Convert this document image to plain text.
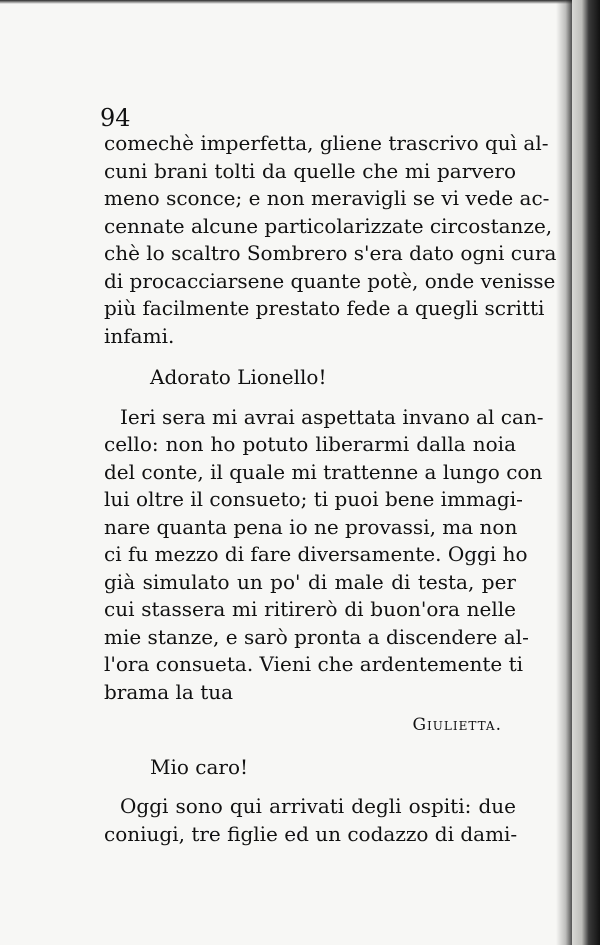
94
comechè imperfetta, gliene trascrivo quì al-
cuni brani tolti da quelle che mi parvero
meno sconce; e non meravigli se vi vede ac-
cennate alcune particolarizzate circostanze,
chè lo scaltro Sombrero s'era dato ogni cura
di procacciarsene quante potè, onde venisse
più facilmente prestato fede a quegli scritti
infami.
Adorato Lionello!
Ieri sera mi avrai aspettata invano al can-
cello: non ho potuto liberarmi dalla noia
del conte, il quale mi trattenne a lungo con
lui oltre il consueto; ti puoi bene immagi-
nare quanta pena io ne provassi, ma non
ci fu mezzo di fare diversamente. Oggi ho
già simulato un po' di male di testa, per
cui stassera mi ritirerò di buon'ora nelle
mie stanze, e sarò pronta a discendere al-
l'ora consueta. Vieni che ardentemente ti
brama la tua
Giulietta.
Mio caro!
Oggi sono qui arrivati degli ospiti: due
coniugi, tre figlie ed un codazzo di dami-
